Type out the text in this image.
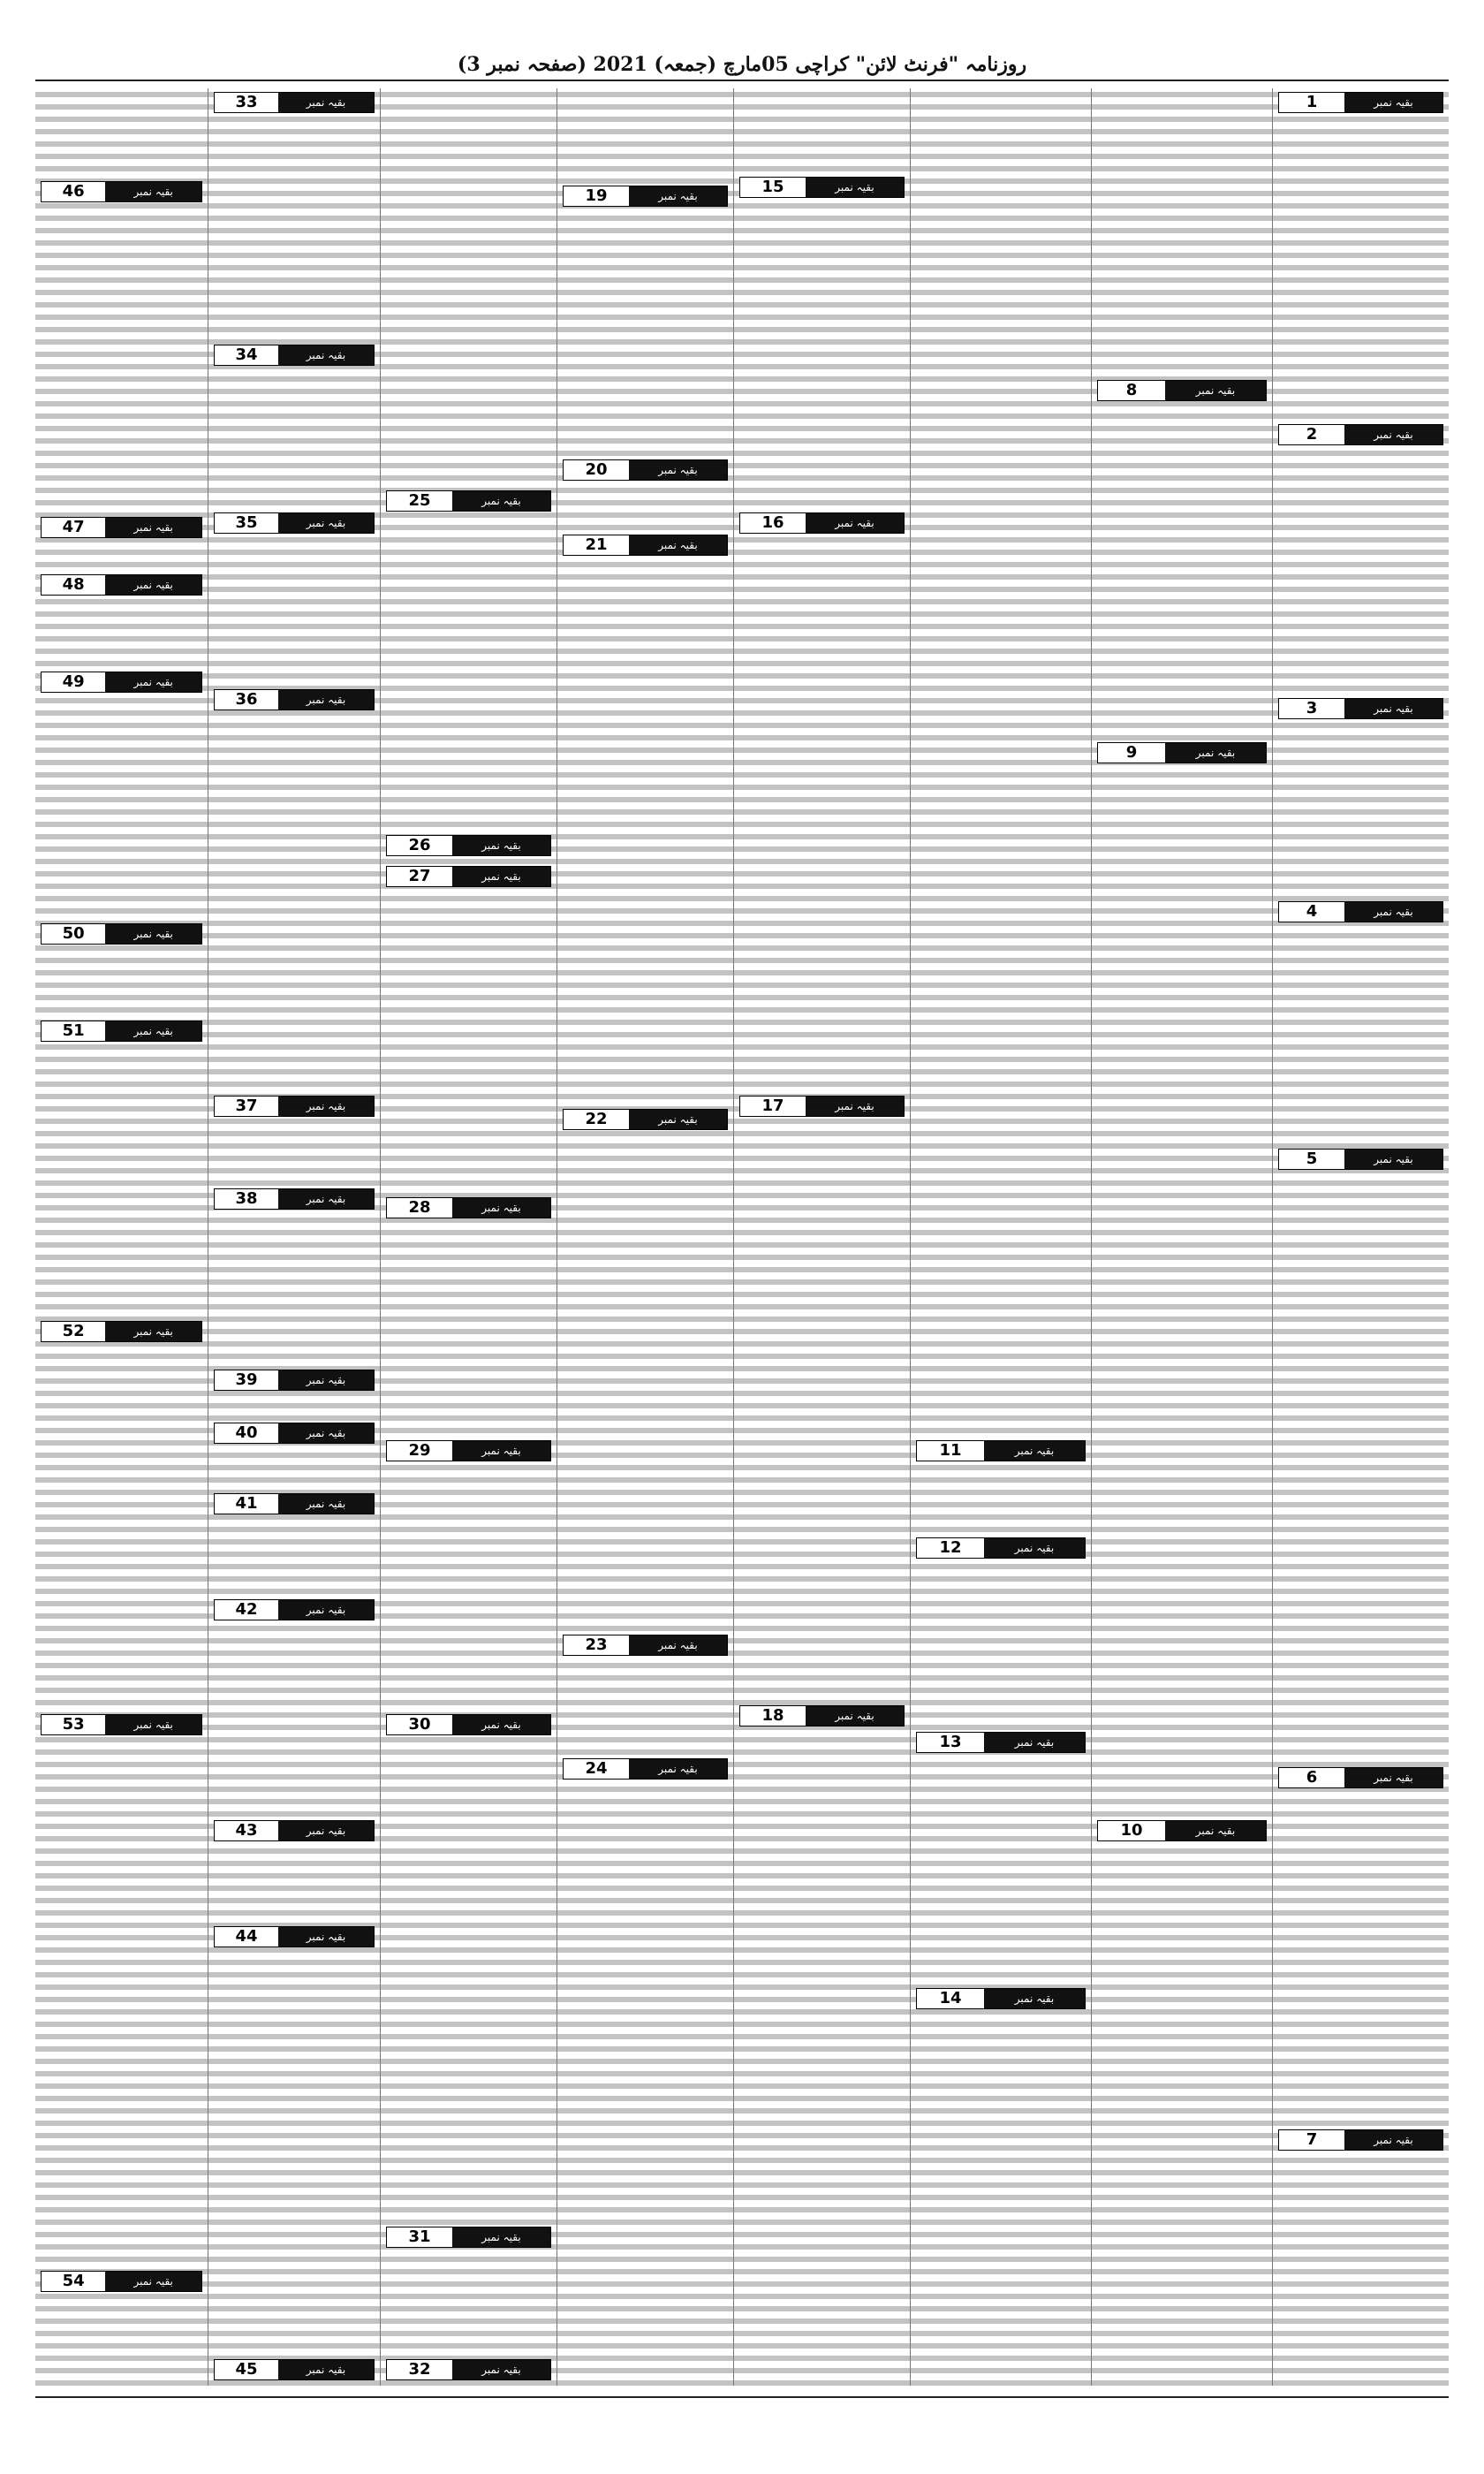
روزنامہ "فرنٹ لائن" کراچی 05مارچ (جمعہ) 2021 (صفحہ نمبر 3)
1	بقیہ نمبر
2	بقیہ نمبر
3	بقیہ نمبر
4	بقیہ نمبر
5	بقیہ نمبر
6	بقیہ نمبر
7	بقیہ نمبر
8	بقیہ نمبر
9	بقیہ نمبر
10	بقیہ نمبر
11	بقیہ نمبر
12	بقیہ نمبر
13	بقیہ نمبر
14	بقیہ نمبر
15	بقیہ نمبر
16	بقیہ نمبر
17	بقیہ نمبر
18	بقیہ نمبر
19	بقیہ نمبر
20	بقیہ نمبر
21	بقیہ نمبر
22	بقیہ نمبر
23	بقیہ نمبر
24	بقیہ نمبر
25	بقیہ نمبر
26	بقیہ نمبر
27	بقیہ نمبر
28	بقیہ نمبر
29	بقیہ نمبر
30	بقیہ نمبر
31	بقیہ نمبر
32	بقیہ نمبر
33	بقیہ نمبر
34	بقیہ نمبر
35	بقیہ نمبر
36	بقیہ نمبر
37	بقیہ نمبر
38	بقیہ نمبر
39	بقیہ نمبر
40	بقیہ نمبر
41	بقیہ نمبر
42	بقیہ نمبر
43	بقیہ نمبر
44	بقیہ نمبر
45	بقیہ نمبر
46	بقیہ نمبر
47	بقیہ نمبر
48	بقیہ نمبر
49	بقیہ نمبر
50	بقیہ نمبر
51	بقیہ نمبر
52	بقیہ نمبر
53	بقیہ نمبر
54	بقیہ نمبر
